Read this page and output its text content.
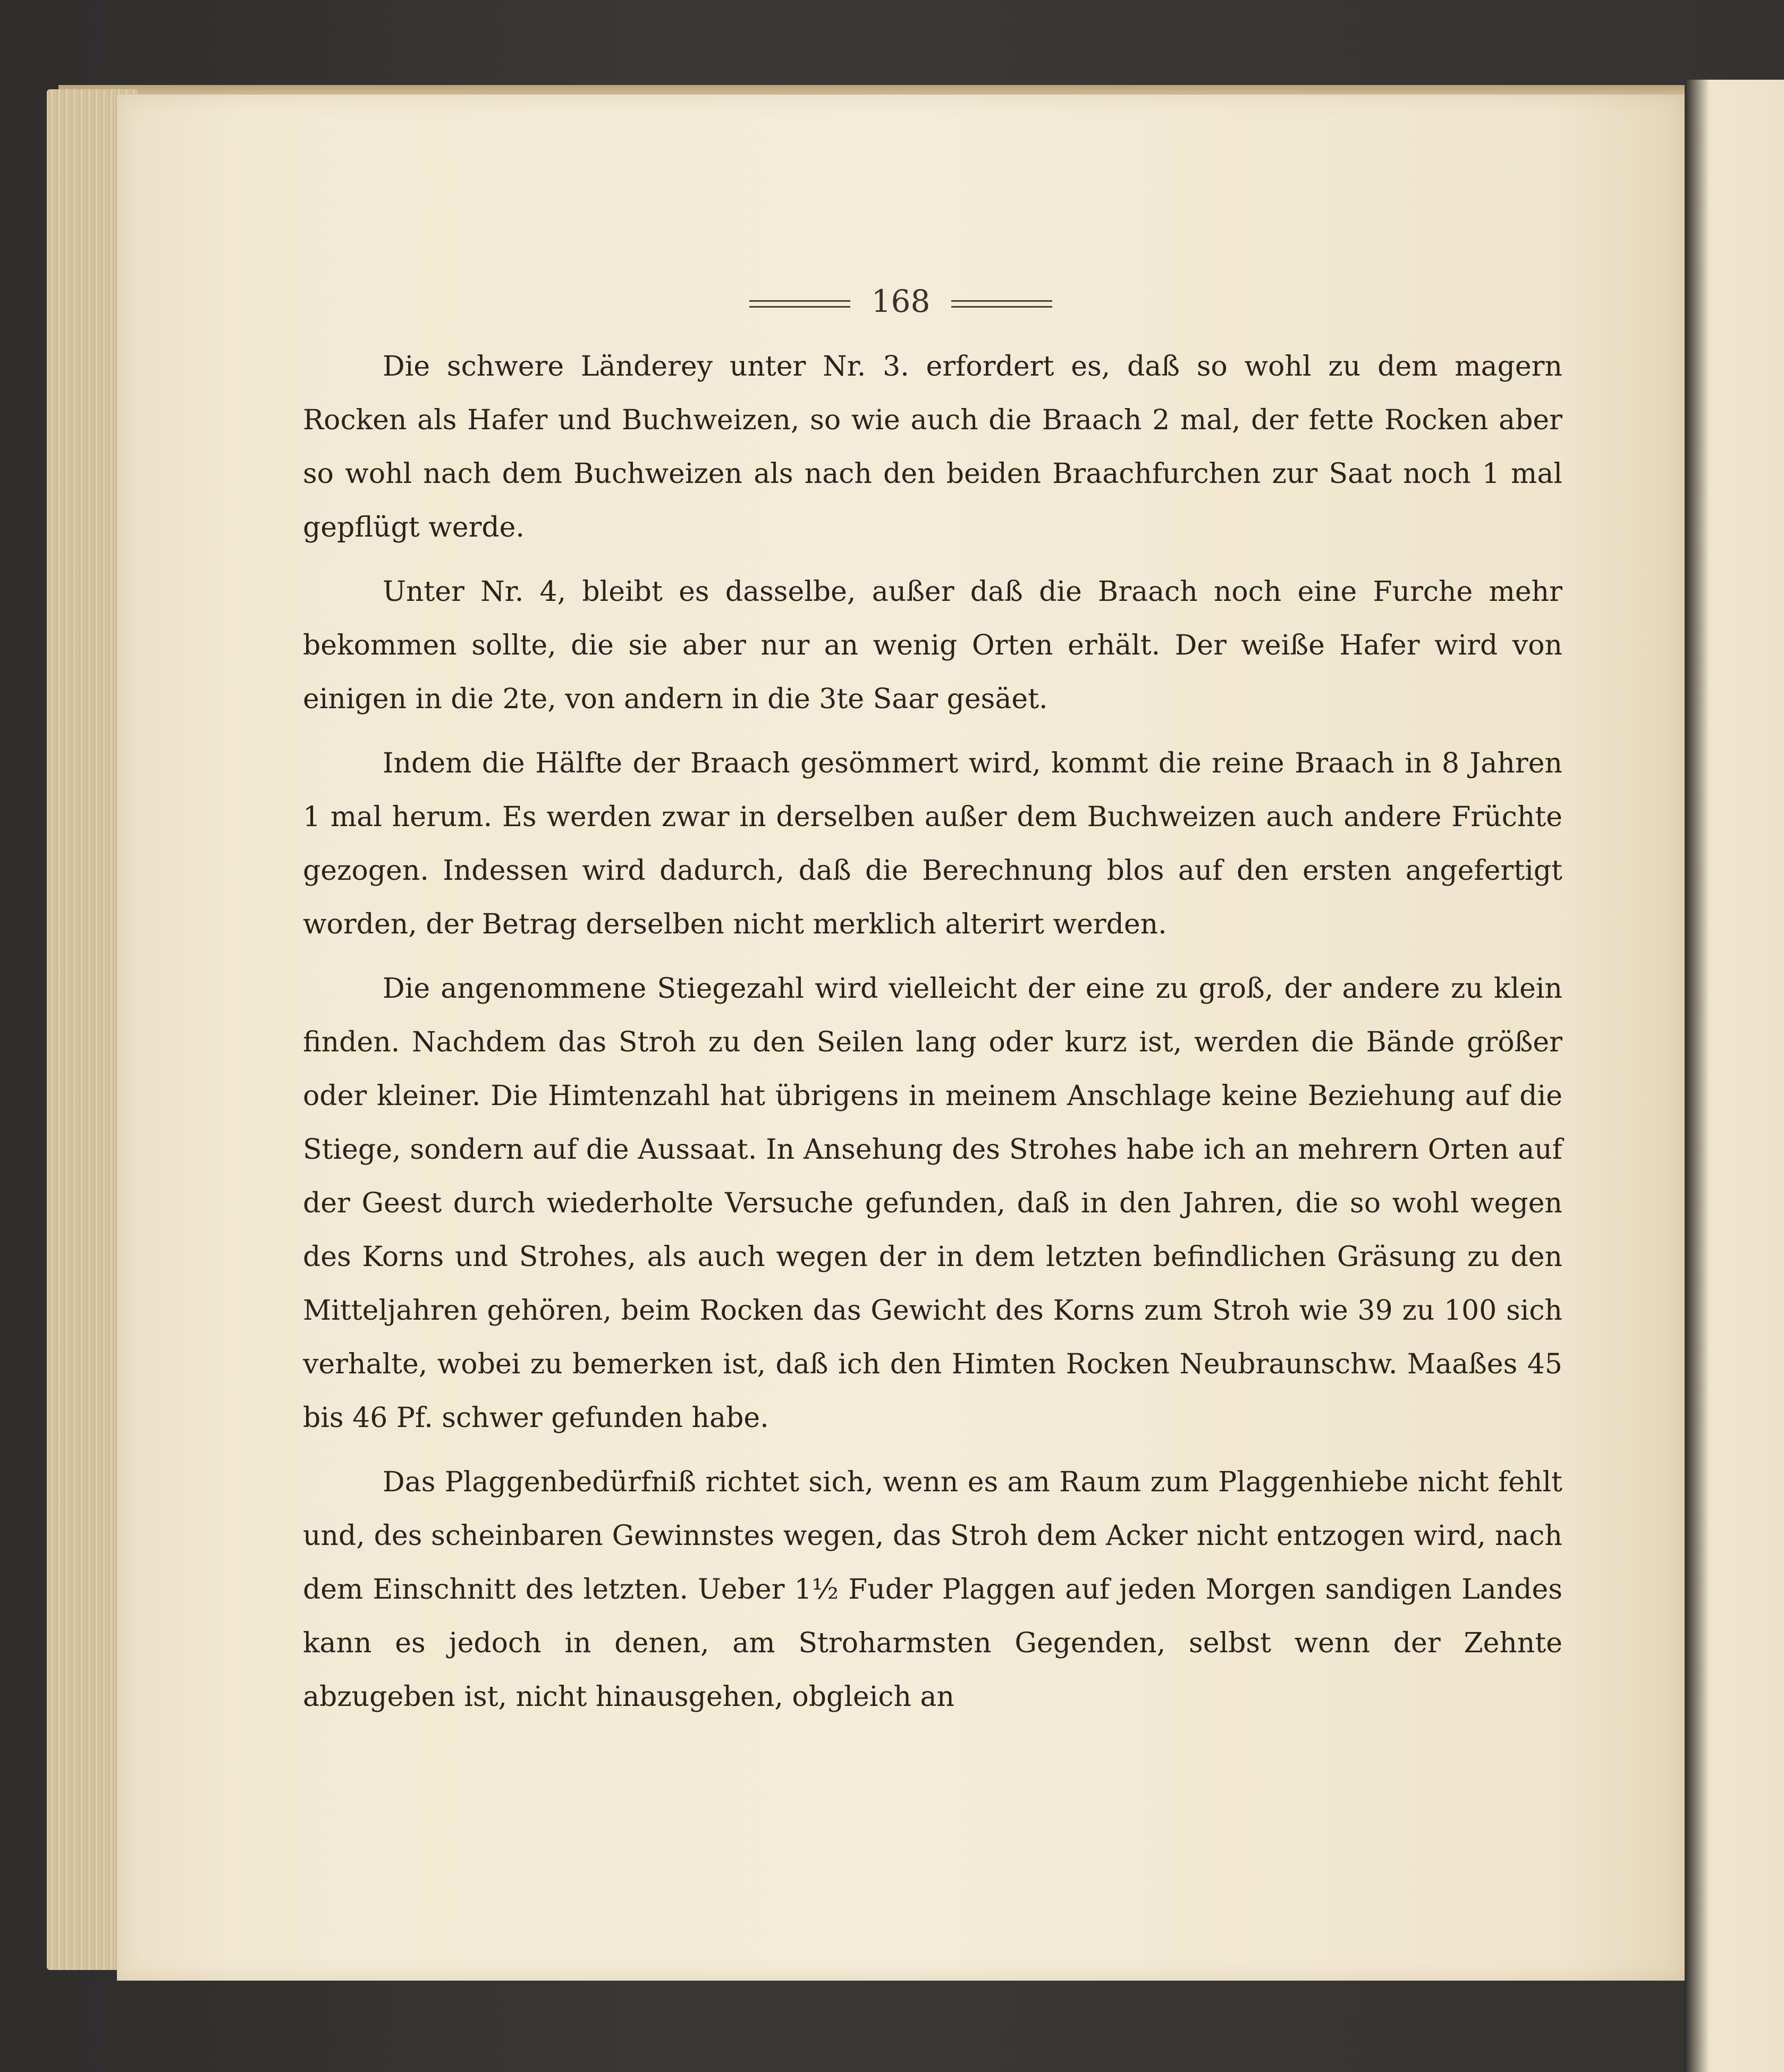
168

Die schwere Länderey unter Nr. 3. erfordert es, daß so wohl zu dem magern Rocken als Hafer und Buchweizen, so wie auch die Braach 2 mal, der fette Rocken aber so wohl nach dem Buchweizen als nach den beiden Braachfurchen zur Saat noch 1 mal gepflügt werde.

Unter Nr. 4, bleibt es dasselbe, außer daß die Braach noch eine Furche mehr bekommen sollte, die sie aber nur an wenig Orten erhält. Der weiße Hafer wird von einigen in die 2te, von andern in die 3te Saar gesäet.

Indem die Hälfte der Braach gesömmert wird, kommt die reine Braach in 8 Jahren 1 mal herum. Es werden zwar in derselben außer dem Buchweizen auch andere Früchte gezogen. Indessen wird dadurch, daß die Berechnung blos auf den ersten angefertigt worden, der Betrag derselben nicht merklich alterirt werden.

Die angenommene Stiegezahl wird vielleicht der eine zu groß, der andere zu klein finden. Nachdem das Stroh zu den Seilen lang oder kurz ist, werden die Bände größer oder kleiner. Die Himtenzahl hat übrigens in meinem Anschlage keine Beziehung auf die Stiege, sondern auf die Aussaat. In Ansehung des Strohes habe ich an mehrern Orten auf der Geest durch wiederholte Versuche gefunden, daß in den Jahren, die so wohl wegen des Korns und Strohes, als auch wegen der in dem letzten befindlichen Gräsung zu den Mitteljahren gehören, beim Rocken das Gewicht des Korns zum Stroh wie 39 zu 100 sich verhalte, wobei zu bemerken ist, daß ich den Himten Rocken Neubraunschw. Maaßes 45 bis 46 Pf. schwer gefunden habe.

Das Plaggenbedürfniß richtet sich, wenn es am Raum zum Plaggenhiebe nicht fehlt und, des scheinbaren Gewinnstes wegen, das Stroh dem Acker nicht entzogen wird, nach dem Einschnitt des letzten. Ueber 1½ Fuder Plaggen auf jeden Morgen sandigen Landes kann es jedoch in denen, am Stroharmsten Gegenden, selbst wenn der Zehnte abzugeben ist, nicht hinausgehen, obgleich an
